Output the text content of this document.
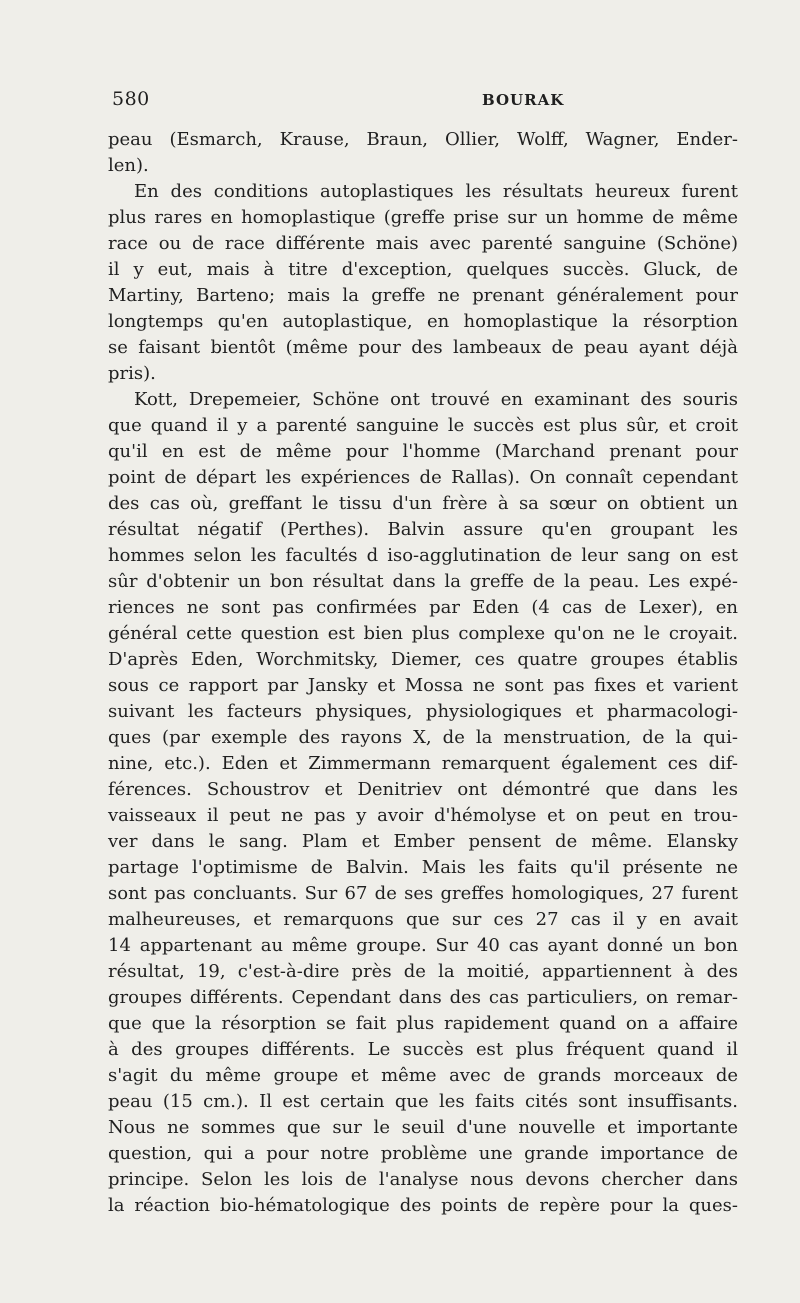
580	BOURAK
peau (Esmarch, Krause, Braun, Ollier, Wolff, Wagner, Ender-
len).
En des conditions autoplastiques les résultats heureux furent
plus rares en homoplastique (greffe prise sur un homme de même
race ou de race différente mais avec parenté sanguine (Schöne)
il y eut, mais à titre d'exception, quelques succès. Gluck, de
Martiny, Barteno; mais la greffe ne prenant généralement pour
longtemps qu'en autoplastique, en homoplastique la résorption
se faisant bientôt (même pour des lambeaux de peau ayant déjà
pris).
Kott, Drepemeier, Schöne ont trouvé en examinant des souris
que quand il y a parenté sanguine le succès est plus sûr, et croit
qu'il en est de même pour l'homme (Marchand prenant pour
point de départ les expériences de Rallas). On connaît cependant
des cas où, greffant le tissu d'un frère à sa sœur on obtient un
résultat négatif (Perthes). Balvin assure qu'en groupant les
hommes selon les facultés d iso-agglutination de leur sang on est
sûr d'obtenir un bon résultat dans la greffe de la peau. Les expé-
riences ne sont pas confirmées par Eden (4 cas de Lexer), en
général cette question est bien plus complexe qu'on ne le croyait.
D'après Eden, Worchmitsky, Diemer, ces quatre groupes établis
sous ce rapport par Jansky et Mossa ne sont pas fixes et varient
suivant les facteurs physiques, physiologiques et pharmacologi-
ques (par exemple des rayons X, de la menstruation, de la qui-
nine, etc.). Eden et Zimmermann remarquent également ces dif-
férences. Schoustrov et Denitriev ont démontré que dans les
vaisseaux il peut ne pas y avoir d'hémolyse et on peut en trou-
ver dans le sang. Plam et Ember pensent de même. Elansky
partage l'optimisme de Balvin. Mais les faits qu'il présente ne
sont pas concluants. Sur 67 de ses greffes homologiques, 27 furent
malheureuses, et remarquons que sur ces 27 cas il y en avait
14 appartenant au même groupe. Sur 40 cas ayant donné un bon
résultat, 19, c'est-à-dire près de la moitié, appartiennent à des
groupes différents. Cependant dans des cas particuliers, on remar-
que que la résorption se fait plus rapidement quand on a affaire
à des groupes différents. Le succès est plus fréquent quand il
s'agit du même groupe et même avec de grands morceaux de
peau (15 cm.). Il est certain que les faits cités sont insuffisants.
Nous ne sommes que sur le seuil d'une nouvelle et importante
question, qui a pour notre problème une grande importance de
principe. Selon les lois de l'analyse nous devons chercher dans
la réaction bio-hématologique des points de repère pour la ques-
